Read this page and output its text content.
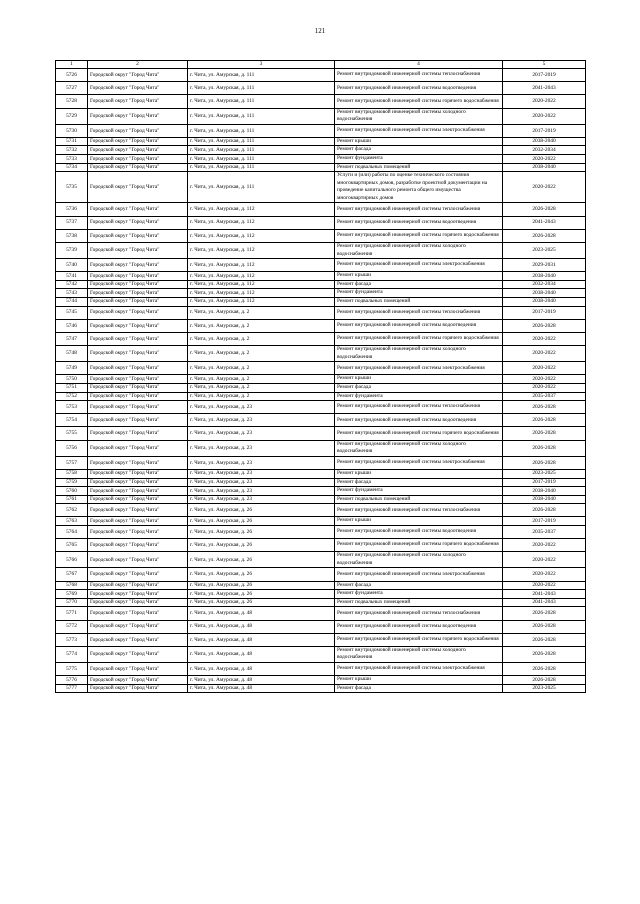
121
1	2	3	4	5
5726	Городской округ "Город Чита"	г. Чита, ул. Амурская, д. 111	Ремонт внутридомовой инженерной системы теплоснабжения	2017-2019
5727	Городской округ "Город Чита"	г. Чита, ул. Амурская, д. 111	Ремонт внутридомовой инженерной системы водоотведения	2041-2043
5728	Городской округ "Город Чита"	г. Чита, ул. Амурская, д. 111	Ремонт внутридомовой инженерной системы горячего водоснабжения	2020-2022
5729	Городской округ "Город Чита"	г. Чита, ул. Амурская, д. 111	Ремонт внутридомовой инженерной системы холодного водоснабжения	2020-2022
5730	Городской округ "Город Чита"	г. Чита, ул. Амурская, д. 111	Ремонт внутридомовой инженерной системы электроснабжения	2017-2019
5731	Городской округ "Город Чита"	г. Чита, ул. Амурская, д. 111	Ремонт крыши	2038-2040
5732	Городской округ "Город Чита"	г. Чита, ул. Амурская, д. 111	Ремонт фасада	2032-2034
5733	Городской округ "Город Чита"	г. Чита, ул. Амурская, д. 111	Ремонт фундамента	2020-2022
5734	Городской округ "Город Чита"	г. Чита, ул. Амурская, д. 111	Ремонт подвальных помещений	2038-2040
5735	Городской округ "Город Чита"	г. Чита, ул. Амурская, д. 111	Услуги и (или) работы по оценке технического состояния многоквартирных домов, разработке проектной документации на проведение капитального ремонта общего имущества многоквартирных домов	2020-2022
5736	Городской округ "Город Чита"	г. Чита, ул. Амурская, д. 112	Ремонт внутридомовой инженерной системы теплоснабжения	2026-2028
5737	Городской округ "Город Чита"	г. Чита, ул. Амурская, д. 112	Ремонт внутридомовой инженерной системы водоотведения	2041-2043
5738	Городской округ "Город Чита"	г. Чита, ул. Амурская, д. 112	Ремонт внутридомовой инженерной системы горячего водоснабжения	2026-2028
5739	Городской округ "Город Чита"	г. Чита, ул. Амурская, д. 112	Ремонт внутридомовой инженерной системы холодного водоснабжения	2023-2025
5740	Городской округ "Город Чита"	г. Чита, ул. Амурская, д. 112	Ремонт внутридомовой инженерной системы электроснабжения	2029-2031
5741	Городской округ "Город Чита"	г. Чита, ул. Амурская, д. 112	Ремонт крыши	2038-2040
5742	Городской округ "Город Чита"	г. Чита, ул. Амурская, д. 112	Ремонт фасада	2032-2034
5743	Городской округ "Город Чита"	г. Чита, ул. Амурская, д. 112	Ремонт фундамента	2038-2040
5744	Городской округ "Город Чита"	г. Чита, ул. Амурская, д. 112	Ремонт подвальных помещений	2038-2040
5745	Городской округ "Город Чита"	г. Чита, ул. Амурская, д. 2	Ремонт внутридомовой инженерной системы теплоснабжения	2017-2019
5746	Городской округ "Город Чита"	г. Чита, ул. Амурская, д. 2	Ремонт внутридомовой инженерной системы водоотведения	2026-2028
5747	Городской округ "Город Чита"	г. Чита, ул. Амурская, д. 2	Ремонт внутридомовой инженерной системы горячего водоснабжения	2020-2022
5748	Городской округ "Город Чита"	г. Чита, ул. Амурская, д. 2	Ремонт внутридомовой инженерной системы холодного водоснабжения	2020-2022
5749	Городской округ "Город Чита"	г. Чита, ул. Амурская, д. 2	Ремонт внутридомовой инженерной системы электроснабжения	2020-2022
5750	Городской округ "Город Чита"	г. Чита, ул. Амурская, д. 2	Ремонт крыши	2020-2022
5751	Городской округ "Город Чита"	г. Чита, ул. Амурская, д. 2	Ремонт фасада	2020-2022
5752	Городской округ "Город Чита"	г. Чита, ул. Амурская, д. 2	Ремонт фундамента	2035-2037
5753	Городской округ "Город Чита"	г. Чита, ул. Амурская, д. 23	Ремонт внутридомовой инженерной системы теплоснабжения	2026-2028
5754	Городской округ "Город Чита"	г. Чита, ул. Амурская, д. 23	Ремонт внутридомовой инженерной системы водоотведения	2026-2028
5755	Городской округ "Город Чита"	г. Чита, ул. Амурская, д. 23	Ремонт внутридомовой инженерной системы горячего водоснабжения	2026-2028
5756	Городской округ "Город Чита"	г. Чита, ул. Амурская, д. 23	Ремонт внутридомовой инженерной системы холодного водоснабжения	2026-2028
5757	Городской округ "Город Чита"	г. Чита, ул. Амурская, д. 23	Ремонт внутридомовой инженерной системы электроснабжения	2026-2028
5758	Городской округ "Город Чита"	г. Чита, ул. Амурская, д. 23	Ремонт крыши	2023-2025
5759	Городской округ "Город Чита"	г. Чита, ул. Амурская, д. 23	Ремонт фасада	2017-2019
5760	Городской округ "Город Чита"	г. Чита, ул. Амурская, д. 23	Ремонт фундамента	2038-2040
5761	Городской округ "Город Чита"	г. Чита, ул. Амурская, д. 23	Ремонт подвальных помещений	2038-2040
5762	Городской округ "Город Чита"	г. Чита, ул. Амурская, д. 26	Ремонт внутридомовой инженерной системы теплоснабжения	2026-2028
5763	Городской округ "Город Чита"	г. Чита, ул. Амурская, д. 26	Ремонт крыши	2017-2019
5764	Городской округ "Город Чита"	г. Чита, ул. Амурская, д. 26	Ремонт внутридомовой инженерной системы водоотведения	2035-2037
5765	Городской округ "Город Чита"	г. Чита, ул. Амурская, д. 26	Ремонт внутридомовой инженерной системы горячего водоснабжения	2020-2022
5766	Городской округ "Город Чита"	г. Чита, ул. Амурская, д. 26	Ремонт внутридомовой инженерной системы холодного водоснабжения	2020-2022
5767	Городской округ "Город Чита"	г. Чита, ул. Амурская, д. 26	Ремонт внутридомовой инженерной системы электроснабжения	2020-2022
5768	Городской округ "Город Чита"	г. Чита, ул. Амурская, д. 26	Ремонт фасада	2020-2022
5769	Городской округ "Город Чита"	г. Чита, ул. Амурская, д. 26	Ремонт фундамента	2041-2043
5770	Городской округ "Город Чита"	г. Чита, ул. Амурская, д. 26	Ремонт подвальных помещений	2041-2043
5771	Городской округ "Город Чита"	г. Чита, ул. Амурская, д. 48	Ремонт внутридомовой инженерной системы теплоснабжения	2026-2028
5772	Городской округ "Город Чита"	г. Чита, ул. Амурская, д. 48	Ремонт внутридомовой инженерной системы водоотведения	2026-2028
5773	Городской округ "Город Чита"	г. Чита, ул. Амурская, д. 48	Ремонт внутридомовой инженерной системы горячего водоснабжения	2026-2028
5774	Городской округ "Город Чита"	г. Чита, ул. Амурская, д. 48	Ремонт внутридомовой инженерной системы холодного водоснабжения	2026-2028
5775	Городской округ "Город Чита"	г. Чита, ул. Амурская, д. 48	Ремонт внутридомовой инженерной системы электроснабжения	2026-2028
5776	Городской округ "Город Чита"	г. Чита, ул. Амурская, д. 48	Ремонт крыши	2026-2028
5777	Городской округ "Город Чита"	г. Чита, ул. Амурская, д. 48	Ремонт фасада	2023-2025
